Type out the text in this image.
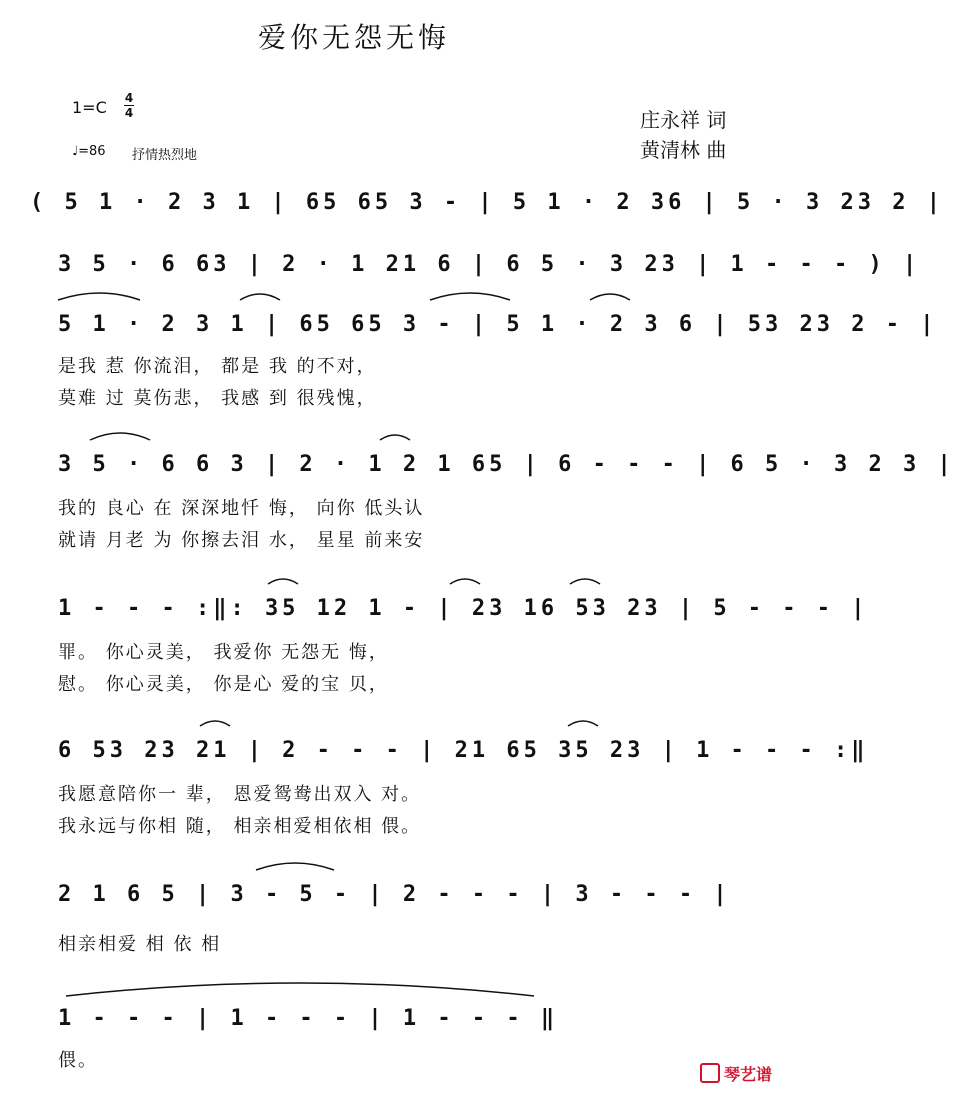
爱你无怨无悔
1=C 4
4
♩=86 抒情热烈地
庄永祥 词
黄清林 曲
( 5 1 · 2 3 1 | 65 65 3 - | 5 1 · 2 36 | 5 · 3 23 2 |
3 5 · 6 63 | 2 · 1 21 6 | 6 5 · 3 23 | 1 - - - ) |
5 1 · 2 3 1 | 65 65 3 - | 5 1 · 2 3 6 | 53 23 2 - |
是我 惹 你流泪， 都是 我 的不对，
莫难 过 莫伤悲， 我感 到 很残愧，
3 5 · 6 6 3 | 2 · 1 2 1 65 | 6 - - - | 6 5 · 3 2 3 |
我的 良心 在 深深地忏 悔， 向你 低头认
就请 月老 为 你擦去泪 水， 星星 前来安
1 - - - :‖: 35 12 1 - | 23 16 53 23 | 5 - - - |
罪。 你心灵美， 我爱你 无怨无 悔，
慰。 你心灵美， 你是心 爱的宝 贝，
6 53 23 21 | 2 - - - | 21 65 35 23 | 1 - - - :‖
我愿意陪你一 辈， 恩爱鸳鸯出双入 对。
我永远与你相 随， 相亲相爱相依相 偎。
2 1 6 5 | 3 - 5 - | 2 - - - | 3 - - - |
相亲相爱 相 依 相
1 - - - | 1 - - - | 1 - - - ‖
偎。
琴艺谱
